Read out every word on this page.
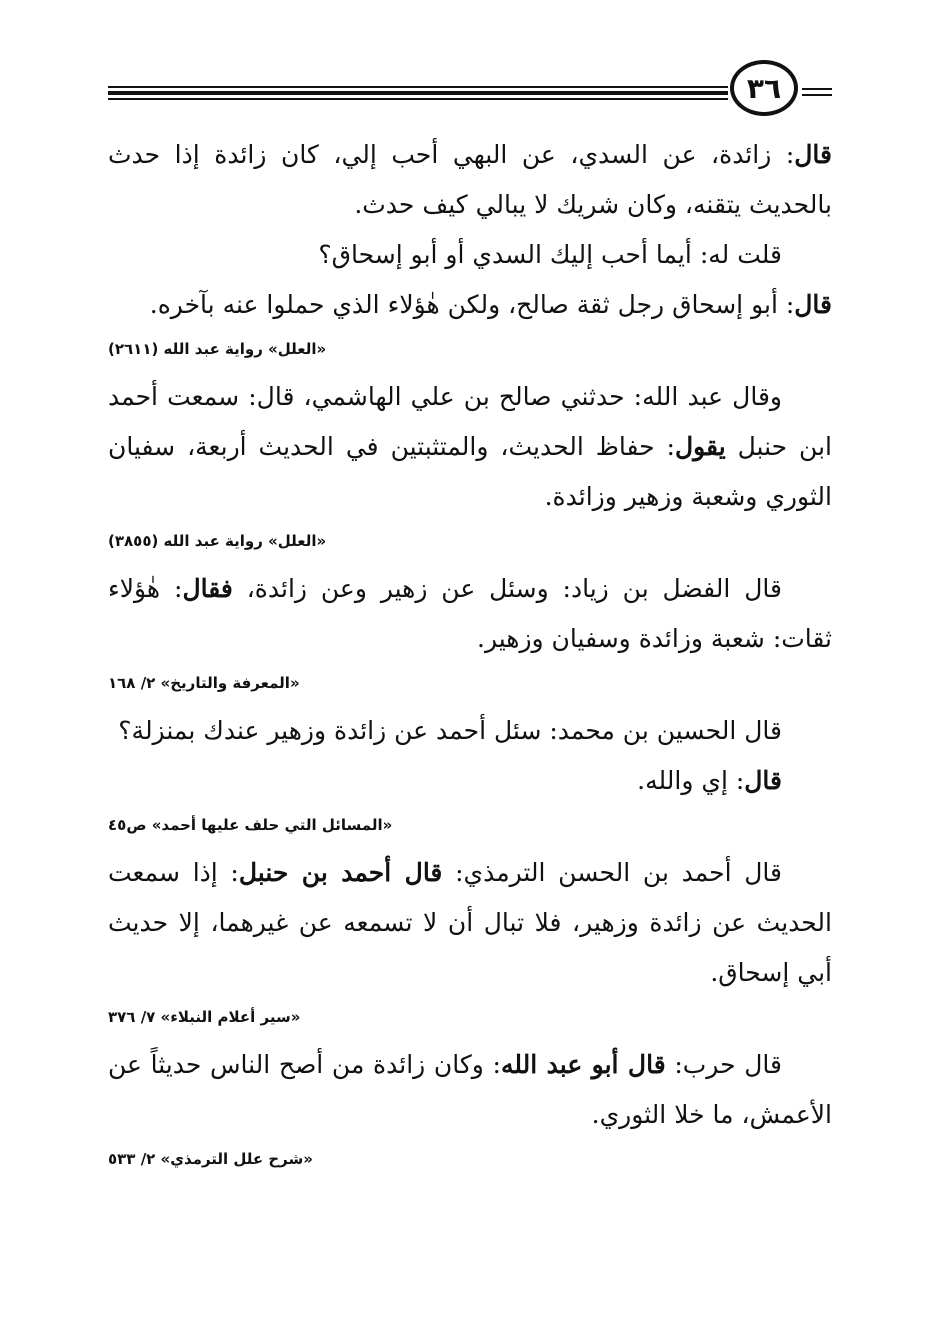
٣٦

قال: زائدة، عن السدي، عن البهي أحب إلي، كان زائدة إذا حدث بالحديث يتقنه، وكان شريك لا يبالي كيف حدث.

قلت له: أيما أحب إليك السدي أو أبو إسحاق؟

قال: أبو إسحاق رجل ثقة صالح، ولكن هٰؤلاء الذي حملوا عنه بآخره.

«العلل» رواية عبد الله (٢٦١١)

وقال عبد الله: حدثني صالح بن علي الهاشمي، قال: سمعت أحمد ابن حنبل يقول: حفاظ الحديث، والمتثبتين في الحديث أربعة، سفيان الثوري وشعبة وزهير وزائدة.

«العلل» رواية عبد الله (٣٨٥٥)

قال الفضل بن زياد: وسئل عن زهير وعن زائدة، فقال: هٰؤلاء ثقات: شعبة وزائدة وسفيان وزهير.

«المعرفة والتاريخ» ٢/ ١٦٨

قال الحسين بن محمد: سئل أحمد عن زائدة وزهير عندك بمنزلة؟

قال: إي والله.

«المسائل التي حلف عليها أحمد» ص٤٥

قال أحمد بن الحسن الترمذي: قال أحمد بن حنبل: إذا سمعت الحديث عن زائدة وزهير، فلا تبال أن لا تسمعه عن غيرهما، إلا حديث أبي إسحاق.

«سير أعلام النبلاء» ٧/ ٣٧٦

قال حرب: قال أبو عبد الله: وكان زائدة من أصح الناس حديثاً عن الأعمش، ما خلا الثوري.

«شرح علل الترمذي» ٢/ ٥٣٣
